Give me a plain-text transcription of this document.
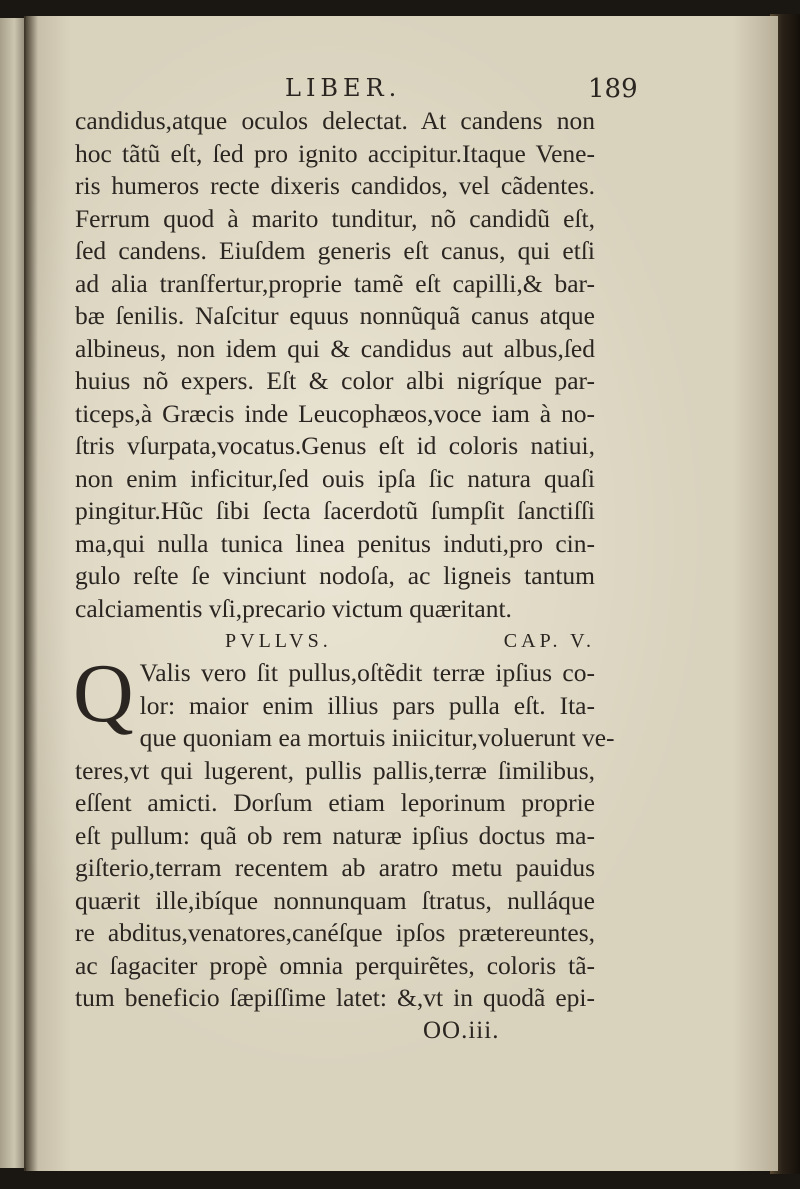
LIBER.	189
candidus,atque oculos delectat. At candens non
hoc tãtũ eſt, ſed pro ignito accipitur.Itaque Vene-
ris humeros recte dixeris candidos, vel cãdentes.
Ferrum quod à marito tunditur, nõ candidũ eſt,
ſed candens. Eiuſdem generis eſt canus, qui etſi
ad alia tranſfertur,proprie tamẽ eſt capilli,& bar-
bæ ſenilis. Naſcitur equus nonnũquã canus atque
albineus, non idem qui & candidus aut albus,ſed
huius nõ expers. Eſt & color albi nigríque par-
ticeps,à Græcis inde Leucophæos,voce iam à no-
ſtris vſurpata,vocatus.Genus eſt id coloris natiui,
non enim inficitur,ſed ouis ipſa ſic natura quaſi
pingitur.Hũc ſibi ſecta ſacerdotũ ſumpſit ſanctiſſi
ma,qui nulla tunica linea penitus induti,pro cin-
gulo reſte ſe vinciunt nodoſa, ac ligneis tantum
calciamentis vſi,precario victum quæritant.
PVLLVS.	CAP. V.
Q Valis vero ſit pullus,oſtẽdit terræ ipſius co-
lor: maior enim illius pars pulla eſt. Ita-
que quoniam ea mortuis iniicitur,voluerunt ve-
teres,vt qui lugerent, pullis pallis,terræ ſimilibus,
eſſent amicti. Dorſum etiam leporinum proprie
eſt pullum: quã ob rem naturæ ipſius doctus ma-
giſterio,terram recentem ab aratro metu pauidus
quærit ille,ibíque nonnunquam ſtratus, nulláque
re abditus,venatores,canéſque ipſos prætereuntes,
ac ſagaciter propè omnia perquirẽtes, coloris tã-
tum beneficio ſæpiſſime latet: &,vt in quodã epi-
OO.iii.
